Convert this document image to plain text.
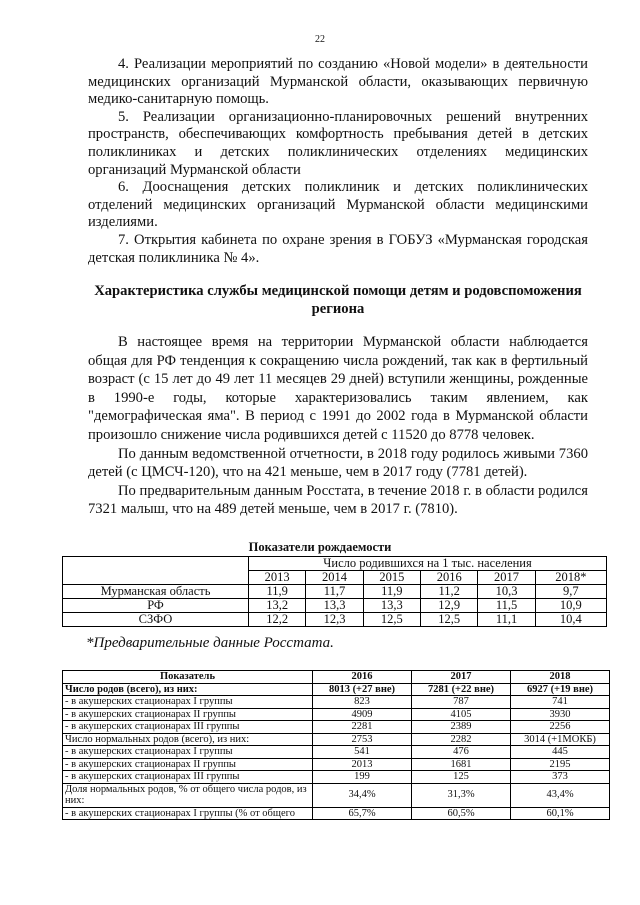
22

4. Реализации мероприятий по созданию «Новой модели» в деятельности медицинских организаций Мурманской области, оказывающих первичную медико-санитарную помощь.

5. Реализации организационно-планировочных решений внутренних пространств, обеспечивающих комфортность пребывания детей в детских поликлиниках и детских поликлинических отделениях медицинских организаций Мурманской области

6. Дооснащения детских поликлиник и детских поликлинических отделений медицинских организаций Мурманской области медицинскими изделиями.

7. Открытия кабинета по охране зрения в ГОБУЗ «Мурманская городская детская поликлиника № 4».

Характеристика службы медицинской помощи детям и родовспоможения региона

В настоящее время на территории Мурманской области наблюдается общая для РФ тенденция к сокращению числа рождений, так как в фертильный возраст (с 15 лет до 49 лет 11 месяцев 29 дней) вступили женщины, рожденные в 1990-е годы, которые характеризовались таким явлением, как "демографическая яма". В период с 1991 до 2002 года в Мурманской области произошло снижение числа родившихся детей с 11520 до 8778 человек.

По данным ведомственной отчетности, в 2018 году родилось живыми 7360 детей (с ЦМСЧ-120), что на 421 меньше, чем в 2017 году (7781 детей).

По предварительным данным Росстата, в течение 2018 г. в области родился 7321 малыш, что на 489 детей меньше, чем в 2017 г. (7810).

Показатели рождаемости
	Число родившихся на 1 тыс. населения					
	2013	2014	2015	2016	2017	2018*
Мурманская область	11,9	11,7	11,9	11,2	10,3	9,7
РФ	13,2	13,3	13,3	12,9	11,5	10,9
СЗФО	12,2	12,3	12,5	12,5	11,1	10,4
*Предварительные данные Росстата.
Показатель	2016	2017	2018
Число родов (всего), из них:	8013 (+27 вне)	7281 (+22 вне)	6927 (+19 вне)
- в акушерских стационарах I группы	823	787	741
- в акушерских стационарах II группы	4909	4105	3930
- в акушерских стационарах III группы	2281	2389	2256
Число нормальных родов (всего), из них:	2753	2282	3014 (+1МОКБ)
- в акушерских стационарах I группы	541	476	445
- в акушерских стационарах II группы	2013	1681	2195
- в акушерских стационарах III группы	199	125	373
Доля нормальных родов, % от общего числа родов, из них:	34,4%	31,3%	43,4%
- в акушерских стационарах I группы (% от общего	65,7%	60,5%	60,1%
